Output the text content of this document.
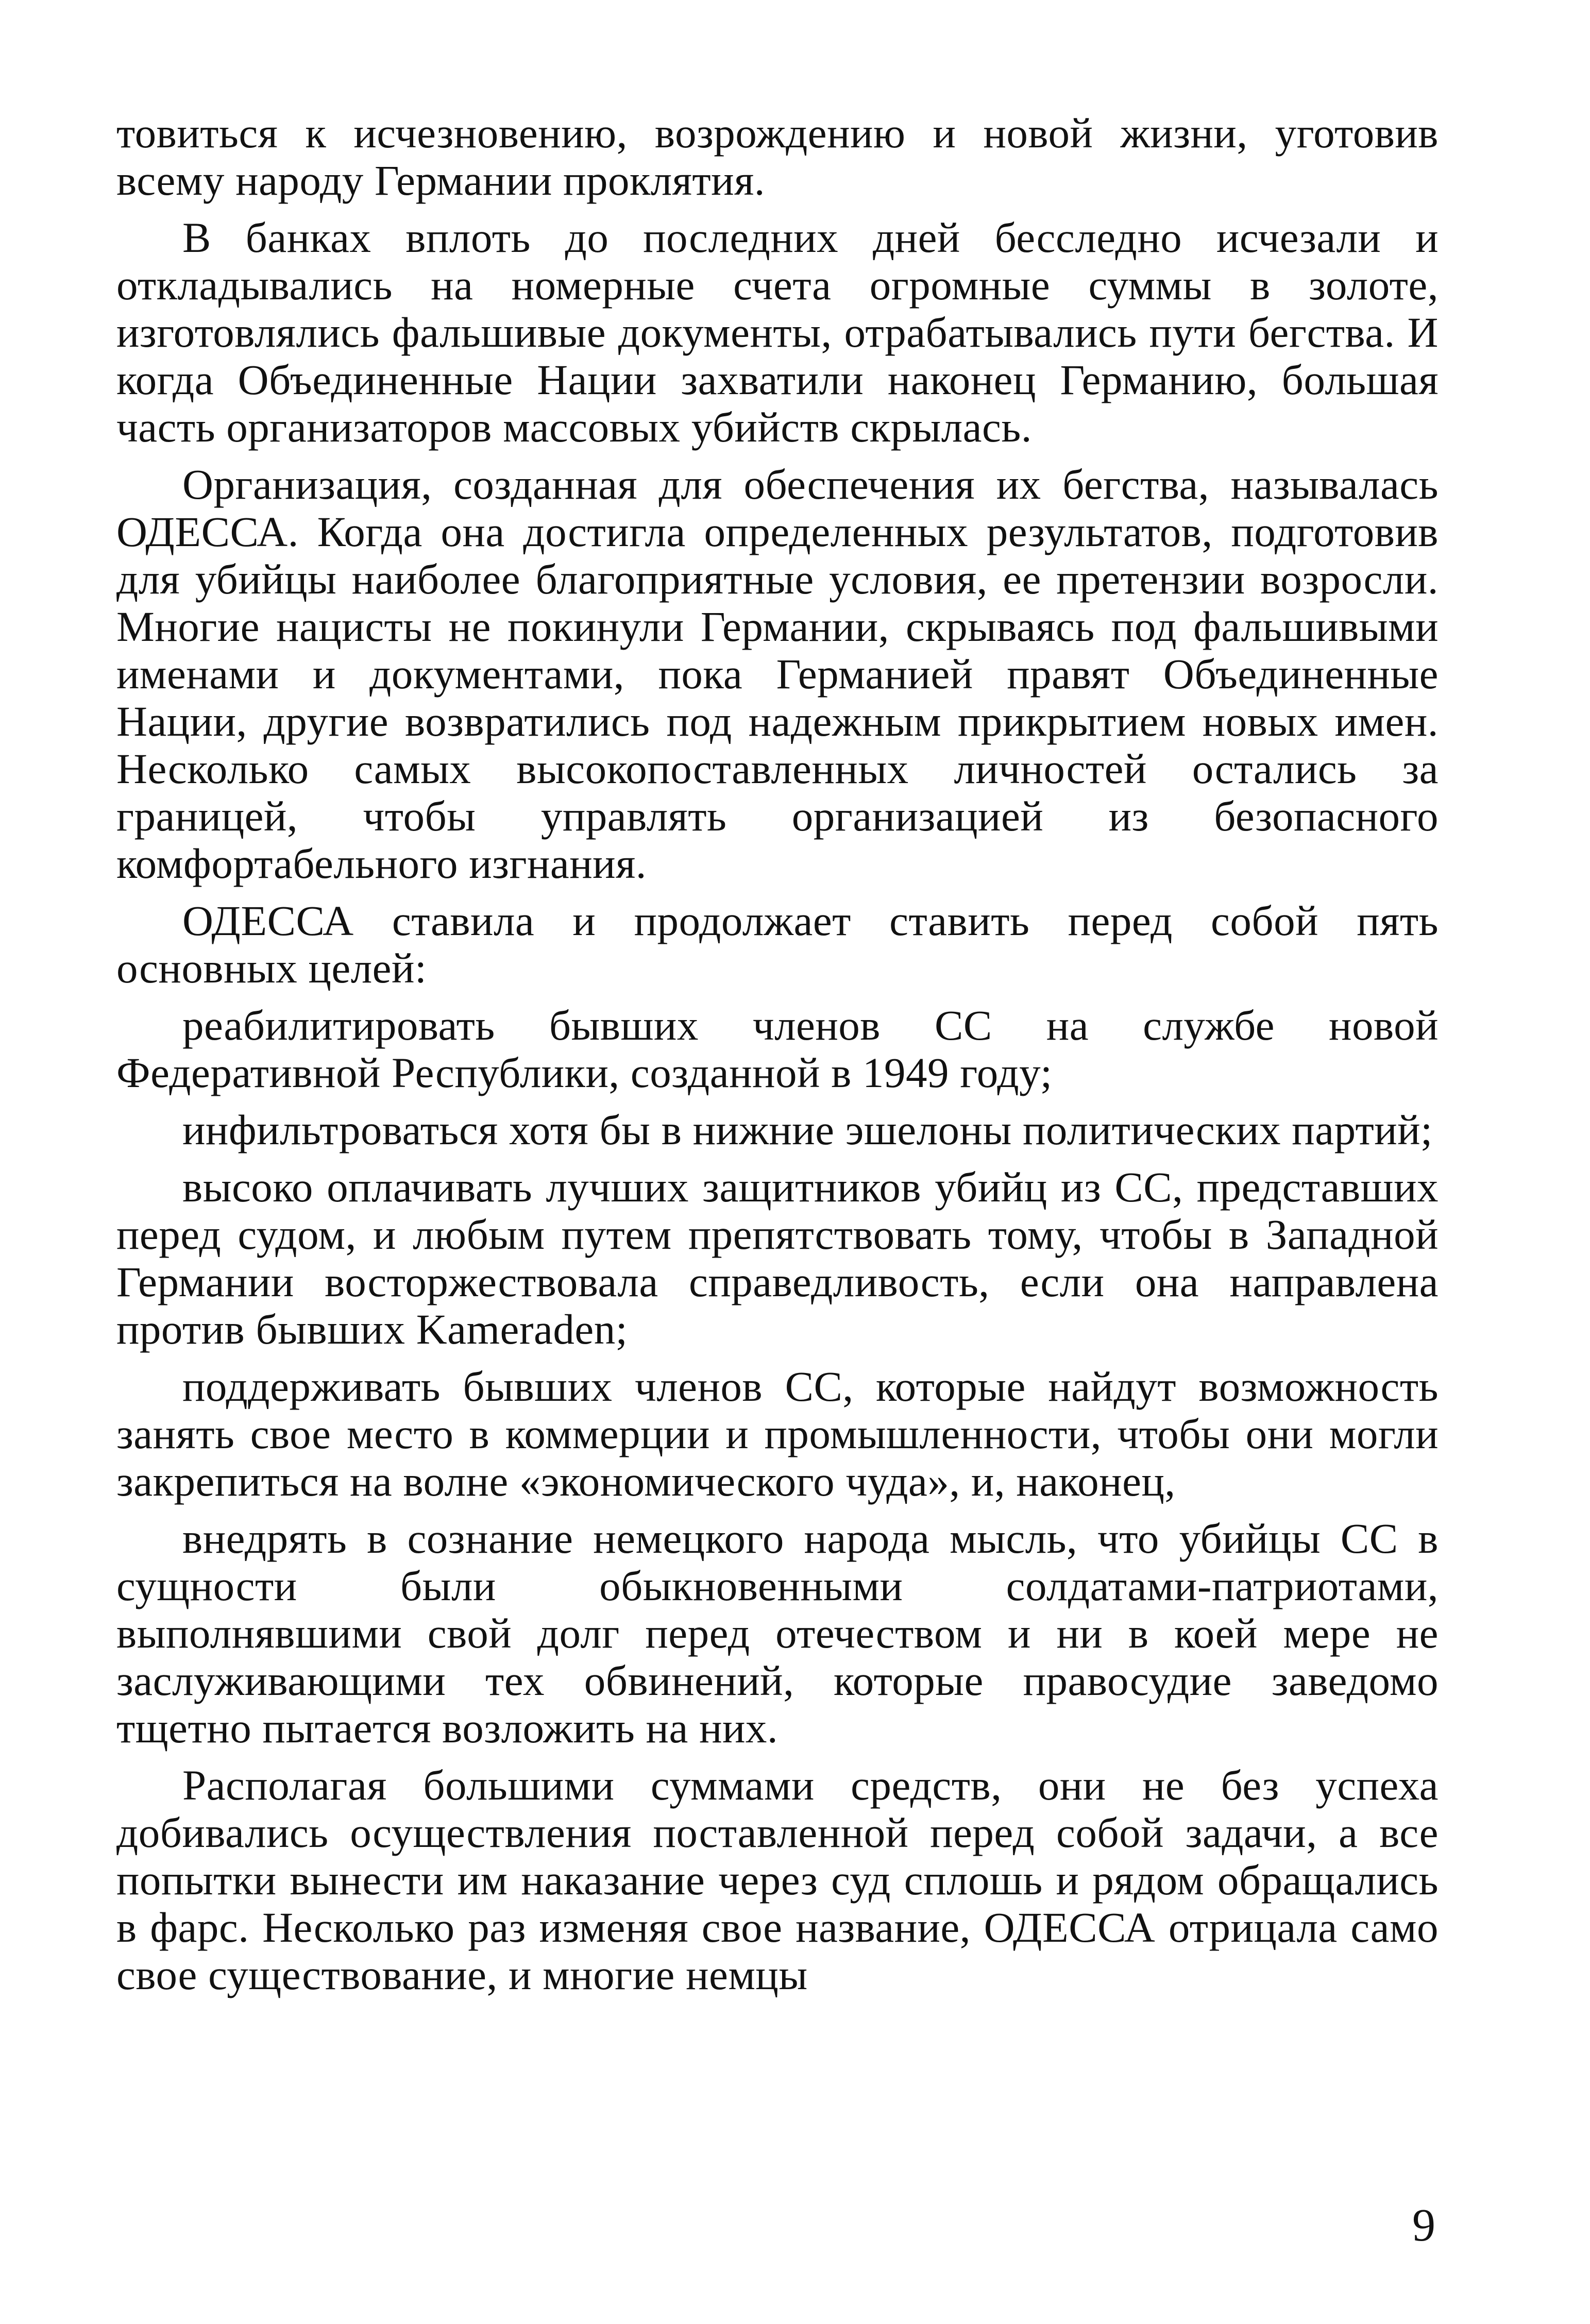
товиться к исчезновению, возрождению и новой жизни, уготовив всему народу Германии проклятия.

В банках вплоть до последних дней бесследно исчезали и откладывались на номерные счета огромные суммы в золоте, изготовлялись фальшивые документы, отрабатывались пути бегства. И когда Объединенные Нации захватили наконец Германию, большая часть организаторов массовых убийств скрылась.

Организация, созданная для обеспечения их бегства, называлась ОДЕССА. Когда она достигла определенных результатов, подготовив для убийцы наиболее благоприятные условия, ее претензии возросли. Многие нацисты не покинули Германии, скрываясь под фальшивыми именами и документами, пока Германией правят Объединенные Нации, другие возвратились под надежным прикрытием новых имен. Несколько самых высокопоставленных личностей остались за границей, чтобы управлять организацией из безопасного комфортабельного изгнания.

ОДЕССА ставила и продолжает ставить перед собой пять основных целей:

реабилитировать бывших членов СС на службе новой Федеративной Республики, созданной в 1949 году;

инфильтроваться хотя бы в нижние эшелоны политических партий;

высоко оплачивать лучших защитников убийц из СС, представших перед судом, и любым путем препятствовать тому, чтобы в Западной Германии восторжествовала справедливость, если она направлена против бывших Kameraden;

поддерживать бывших членов СС, которые найдут возможность занять свое место в коммерции и промышленности, чтобы они могли закрепиться на волне «экономического чуда», и, наконец,

внедрять в сознание немецкого народа мысль, что убийцы СС в сущности были обыкновенными солдатами-патриотами, выполнявшими свой долг перед отечеством и ни в коей мере не заслуживающими тех обвинений, которые правосудие заведомо тщетно пытается возложить на них.

Располагая большими суммами средств, они не без успеха добивались осуществления поставленной перед собой задачи, а все попытки вынести им наказание через суд сплошь и рядом обращались в фарс. Несколько раз изменяя свое название, ОДЕССА отрицала само свое существование, и многие немцы

9
